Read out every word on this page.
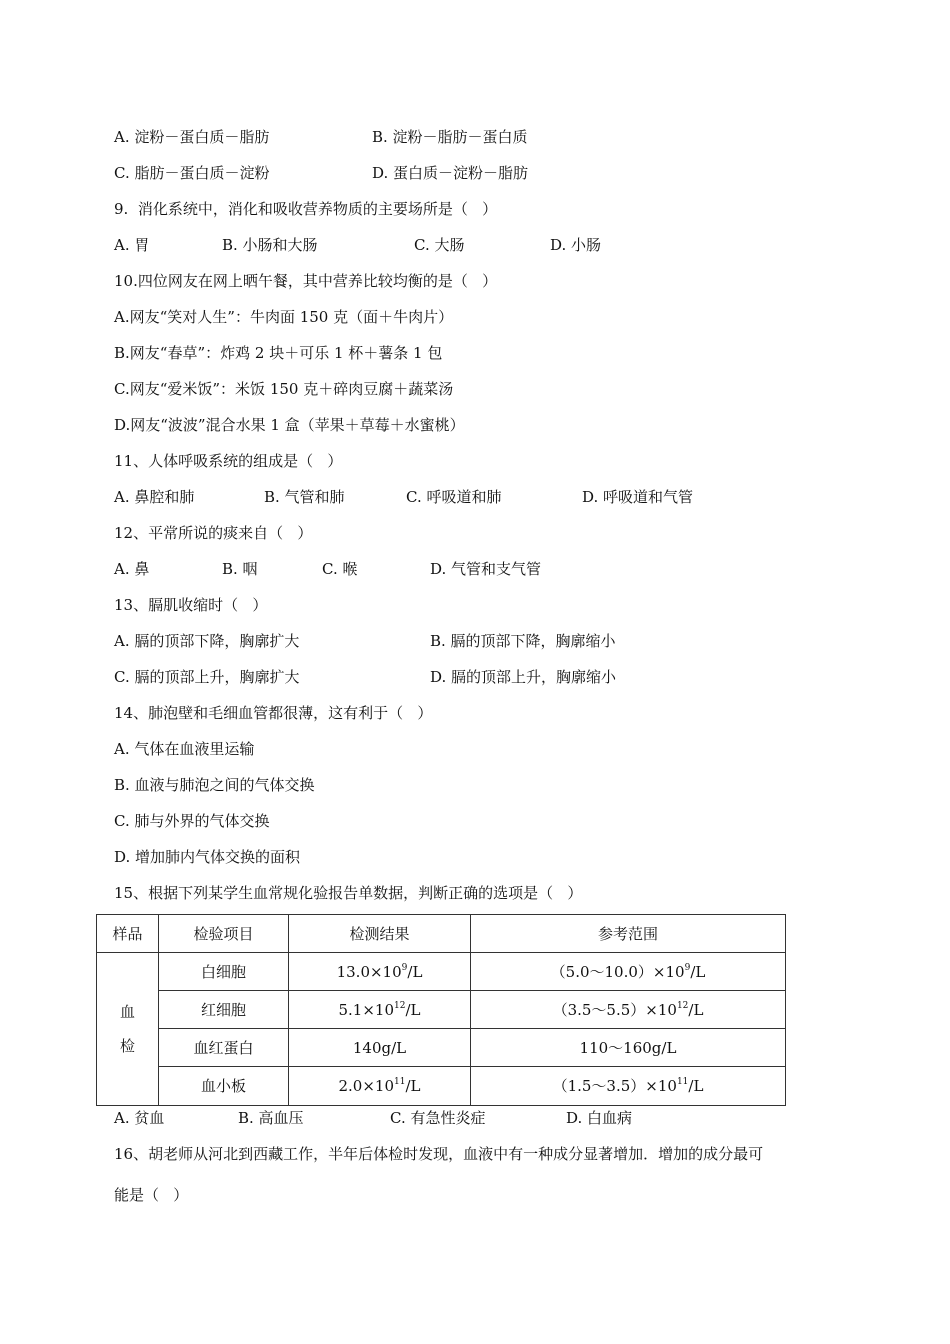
A. 淀粉－蛋白质－脂肪	B. 淀粉－脂肪－蛋白质
C. 脂肪－蛋白质－淀粉	D. 蛋白质－淀粉－脂肪
9.  消化系统中，消化和吸收营养物质的主要场所是（   ）
A. 胃	B. 小肠和大肠	C. 大肠	D. 小肠
10.四位网友在网上晒午餐，其中营养比较均衡的是（   ）
A.网友“笑对人生”：牛肉面 150 克（面＋牛肉片）
B.网友“春草”：炸鸡 2 块＋可乐 1 杯＋薯条 1 包
C.网友“爱米饭”：米饭 150 克＋碎肉豆腐＋蔬菜汤
D.网友“波波”混合水果 1 盒（苹果＋草莓＋水蜜桃）
11、人体呼吸系统的组成是（   ）
A. 鼻腔和肺	B. 气管和肺	C. 呼吸道和肺	D. 呼吸道和气管
12、平常所说的痰来自（   ）
A. 鼻	B. 咽	C. 喉	D. 气管和支气管
13、膈肌收缩时（   ）
A. 膈的顶部下降，胸廓扩大	B. 膈的顶部下降，胸廓缩小
C. 膈的顶部上升，胸廓扩大	D. 膈的顶部上升，胸廓缩小
14、肺泡壁和毛细血管都很薄，这有利于（   ）
A. 气体在血液里运输
B. 血液与肺泡之间的气体交换
C. 肺与外界的气体交换
D. 增加肺内气体交换的面积
15、根据下列某学生血常规化验报告单数据，判断正确的选项是（   ）
样品	检验项目	检测结果	参考范围
血
检	白细胞	$13.0\times 10^9/L$	$(5.0\sim 10.0)\times 10^9/L$
	红细胞	$5.1\times 10^{12}/L$	$(3.5\sim 5.5)\times 10^{12}/L$
	血红蛋白	140g/L	110～160g/L
	血小板	$2.0\times 10^{11}/L$	$(1.5\sim 3.5)\times 10^{11}/L$
A. 贫血	B. 高血压	C. 有急性炎症	D. 白血病
16、胡老师从河北到西藏工作，半年后体检时发现，血液中有一种成分显著增加．增加的成分最可
能是（   ）
